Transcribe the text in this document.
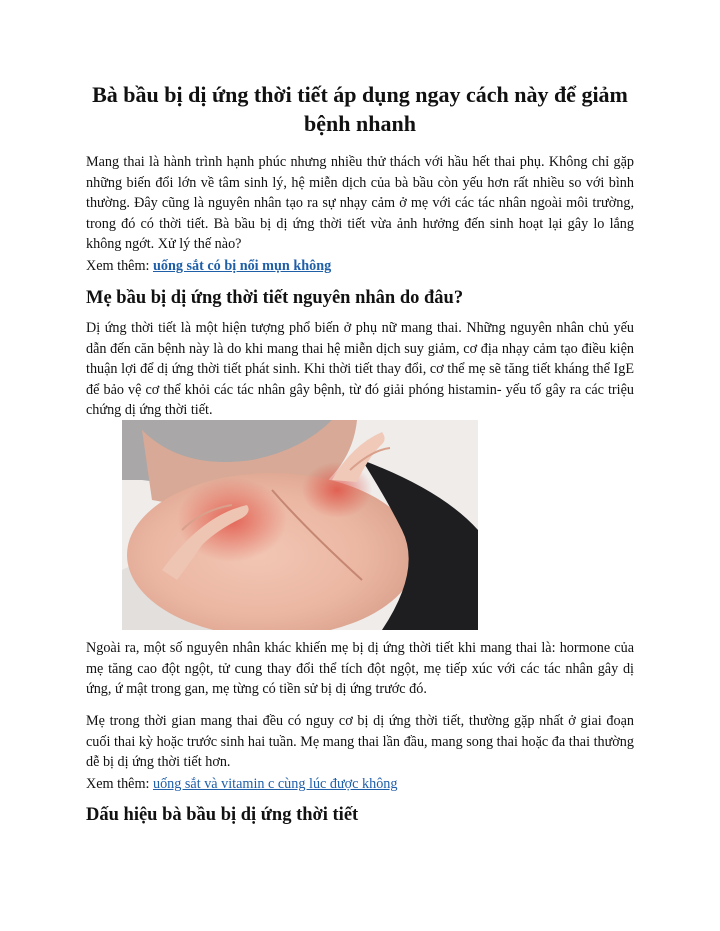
Bà bầu bị dị ứng thời tiết áp dụng ngay cách này để giảm bệnh nhanh

Mang thai là hành trình hạnh phúc nhưng nhiều thử thách với hầu hết thai phụ. Không chỉ gặp những biến đổi lớn về tâm sinh lý, hệ miễn dịch của bà bầu còn yếu hơn rất nhiều so với bình thường. Đây cũng là nguyên nhân tạo ra sự nhạy cảm ở mẹ với các tác nhân ngoài môi trường, trong đó có thời tiết. Bà bầu bị dị ứng thời tiết vừa ảnh hưởng đến sinh hoạt lại gây lo lắng không ngớt. Xử lý thế nào?

Xem thêm: uống sắt có bị nổi mụn không

Mẹ bầu bị dị ứng thời tiết nguyên nhân do đâu?

Dị ứng thời tiết là một hiện tượng phổ biến ở phụ nữ mang thai. Những nguyên nhân chủ yếu dẫn đến căn bệnh này là do khi mang thai hệ miễn dịch suy giảm, cơ địa nhạy cảm tạo điều kiện thuận lợi để dị ứng thời tiết phát sinh. Khi thời tiết thay đổi, cơ thể mẹ sẽ tăng tiết kháng thể IgE để bảo vệ cơ thể khỏi các tác nhân gây bệnh, từ đó giải phóng histamin- yếu tố gây ra các triệu chứng dị ứng thời tiết.

Ngoài ra, một số nguyên nhân khác khiến mẹ bị dị ứng thời tiết khi mang thai là: hormone của mẹ tăng cao đột ngột, tử cung thay đổi thể tích đột ngột, mẹ tiếp xúc với các tác nhân gây dị ứng, ứ mật trong gan, mẹ từng có tiền sử bị dị ứng trước đó.

Mẹ trong thời gian mang thai đều có nguy cơ bị dị ứng thời tiết, thường gặp nhất ở giai đoạn cuối thai kỳ hoặc trước sinh hai tuần. Mẹ mang thai lần đầu, mang song thai hoặc đa thai thường dễ bị dị ứng thời tiết hơn.

Xem thêm: uống sắt và vitamin c cùng lúc được không

Dấu hiệu bà bầu bị dị ứng thời tiết
